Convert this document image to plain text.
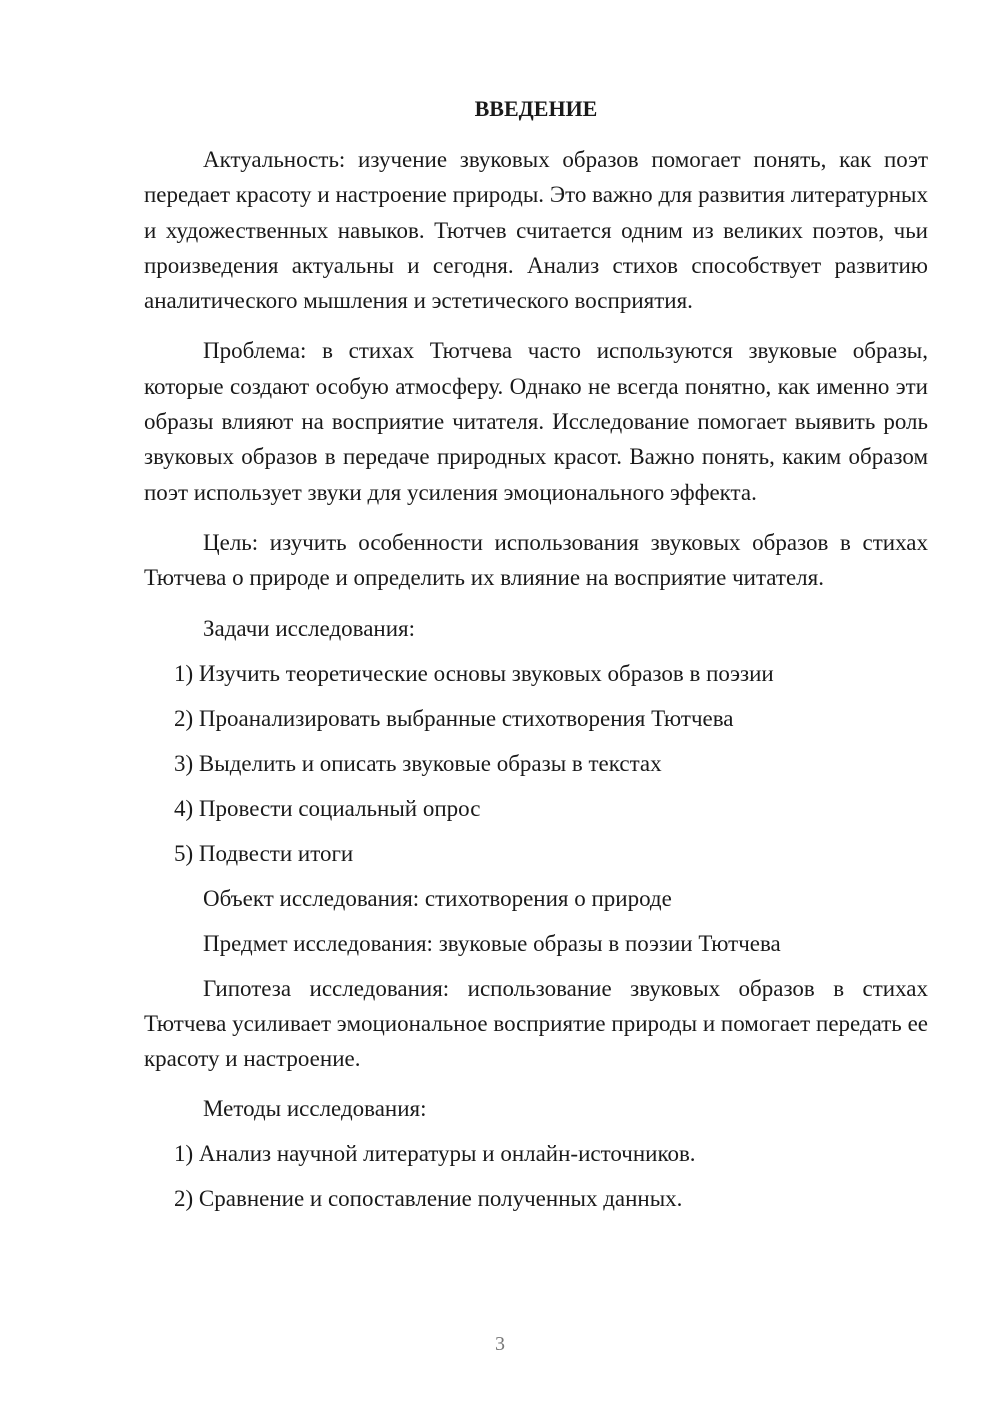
ВВЕДЕНИЕ
Актуальность: изучение звуковых образов помогает понять, как поэт передает красоту и настроение природы. Это важно для развития литературных и художественных навыков. Тютчев считается одним из великих поэтов, чьи произведения актуальны и сегодня. Анализ стихов способствует развитию аналитического мышления и эстетического восприятия.
Проблема: в стихах Тютчева часто используются звуковые образы, которые создают особую атмосферу. Однако не всегда понятно, как именно эти образы влияют на восприятие читателя. Исследование помогает выявить роль звуковых образов в передаче природных красот. Важно понять, каким образом поэт использует звуки для усиления эмоционального эффекта.
Цель: изучить особенности использования звуковых образов в стихах Тютчева о природе и определить их влияние на восприятие читателя.
Задачи исследования:
1) Изучить теоретические основы звуковых образов в поэзии
2) Проанализировать выбранные стихотворения Тютчева
3) Выделить и описать звуковые образы в текстах
4) Провести социальный опрос
5) Подвести итоги
Объект исследования: стихотворения о природе
Предмет исследования: звуковые образы в поэзии Тютчева
Гипотеза исследования: использование звуковых образов в стихах Тютчева усиливает эмоциональное восприятие природы и помогает передать ее красоту и настроение.
Методы исследования:
1) Анализ научной литературы и онлайн-источников.
2) Сравнение и сопоставление полученных данных.
3
